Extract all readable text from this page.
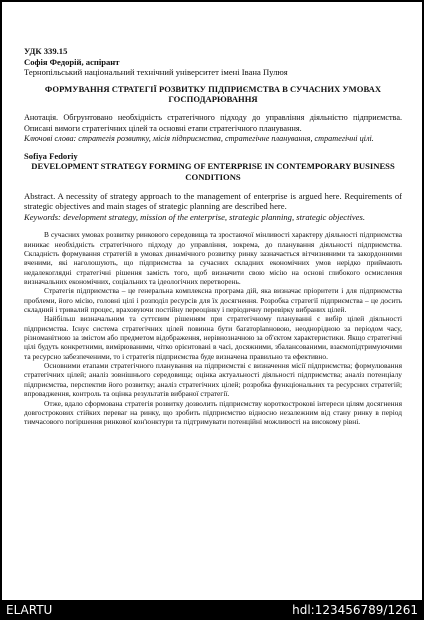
УДК 339.15
Софія Федорій, аспірант
Тернопільський національний технічний університет імені Івана Пулюя
ФОРМУВАННЯ СТРАТЕГІЇ РОЗВИТКУ ПІДПРИЄМСТВА В СУЧАСНИХ УМОВАХ ГОСПОДАРЮВАННЯ
Анотація. Обгрунтовано необхідність стратегічного підходу до управління діяльністю підприємства. Описані вимоги стратегічних цілей та основні етапи стратегічного планування.
Ключові слова: стратегія розвитку, місія підприємства, стратегічне планування, стратегічні цілі.
Sofiya Fedoriy
DEVELOPMENT STRATEGY FORMING OF ENTERPRISE IN CONTEMPORARY BUSINESS CONDITIONS
Abstract. A necessity of strategy approach to the management of enterprise is argued here. Requirements of strategic objectives and main stages of strategic planning are described here.
Keywords: development strategy, mission of the enterprise, strategic planning, strategic objectives.

В сучасних умовах розвитку ринкового середовища та зростаючої мінливості характеру діяльності підприємства виникає необхідність стратегічного підходу до управління, зокрема, до планування діяльності підприємства. Складність формування стратегій в умовах динамічного розвитку ринку зазначається вітчизняними та закордонними вченими, які наголошують, що підприємства за сучасних складних економічних умов нерідко приймають недалекоглядні стратегічні рішення замість того, щоб визначити свою місію на основі глибокого осмислення визначальних економічних, соціальних та ідеологічних перетворень.

Стратегія підприємства – це генеральна комплексна програма дій, яка визначає пріоритети і для підприємства проблеми, його місію, головні цілі і розподіл ресурсів для їх досягнення. Розробка стратегії підприємства – це досить складний і тривалий процес, враховуючи постійну переоцінку і періодичну перевірку вибраних цілей.

Найбільш визначальним та суттєвим рішенням при стратегічному плануванні є вибір цілей діяльності підприємства. Існує система стратегічних цілей повинна бути багатоplanновою, неоднорідною за періодом часу, різноманітною за змістом або предметом відображення, нерівнозначною за об'єктом характеристики. Якщо стратегічні цілі будуть конкретними, вимірюваними, чітко орієнтовані в часі, досяжними, збалансованими, взаємопідтримуючими та ресурсно забезпеченими, то і стратегія підприємства буде визначена правильно та ефективно.

Основними етапами стратегічного планування на підприємстві є визначення місії підприємства; формулювання стратегічних цілей; аналіз зовнішнього середовища; оцінка актуальності діяльності підприємства; аналіз потенціалу підприємства, перспектив його розвитку; аналіз стратегічних цілей; розробка функціональних та ресурсних стратегій; впровадження, контроль та оцінка результатів вибраної стратегії.

Отже, вдало сформована стратегія розвитку дозволить підприємству короткострокові інтереси цілям досягнення довгострокових стійких переваг на ринку, що зробить підприємство відносно незалежним від стану ринку в період тимчасового погіршення ринкової кон'юнктури та підтримувати потенційні можливості на високому рівні.

ELARTU	hdl:123456789/1261
